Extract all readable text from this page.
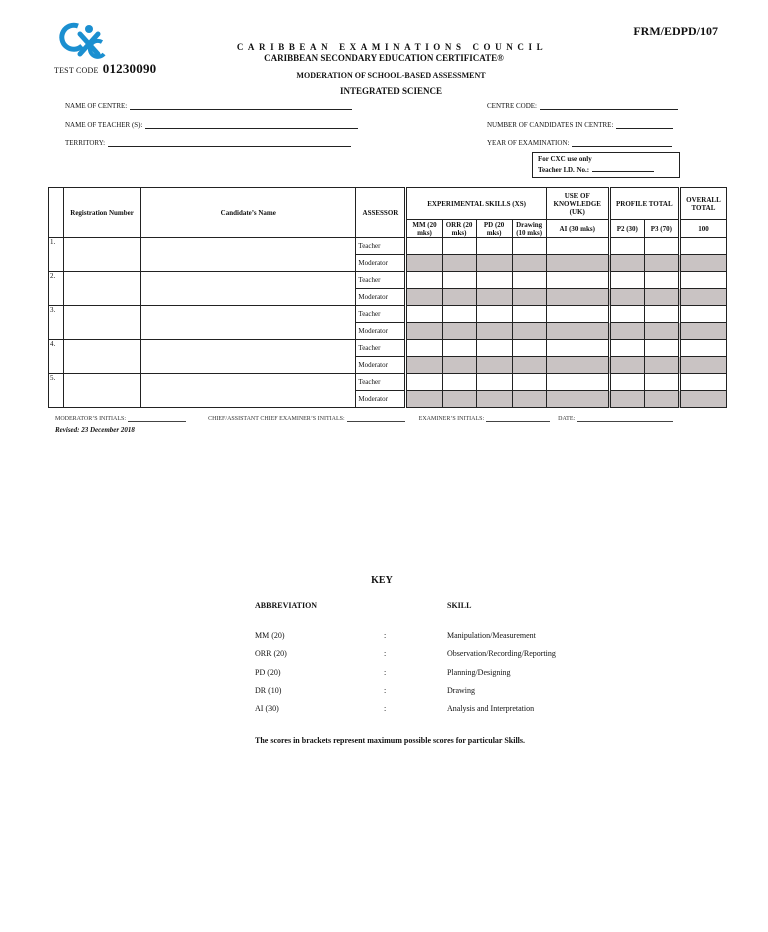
FRM/EDPD/107
TEST CODE 01230090
CARIBBEAN EXAMINATIONS COUNCIL
CARIBBEAN SECONDARY EDUCATION CERTIFICATE®
MODERATION OF SCHOOL-BASED ASSESSMENT
INTEGRATED SCIENCE
NAME OF CENTRE:
NAME OF TEACHER (S):
TERRITORY:
CENTRE CODE:
NUMBER OF CANDIDATES IN CENTRE:
YEAR OF EXAMINATION:
For CXC use only
Teacher I.D. No.:
	Registration Number	Candidate’s Name	ASSESSOR	EXPERIMENTAL SKILLS (XS)				USE OF KNOWLEDGE (UK)	PROFILE TOTAL		OVERALL TOTAL
				MM (20 mks)	ORR (20 mks)	PD (20 mks)	Drawing (10 mks)	AI (30 mks)	P2 (30)	P3 (70)	100
1.			Teacher								
			Moderator								
2.			Teacher								
			Moderator								
3.			Teacher								
			Moderator								
4.			Teacher								
			Moderator								
5.			Teacher								
			Moderator								
MODERATOR’S INITIALS:	CHIEF/ASSISTANT CHIEF EXAMINER’S INITIALS:	EXAMINER’S INITIALS:	DATE:
Revised: 23 December 2018
KEY
ABBREVIATION	SKILL
MM (20)	:	Manipulation/Measurement
ORR (20)	:	Observation/Recording/Reporting
PD (20)	:	Planning/Designing
DR (10)	:	Drawing
AI (30)	:	Analysis and Interpretation
The scores in brackets represent maximum possible scores for particular Skills.
